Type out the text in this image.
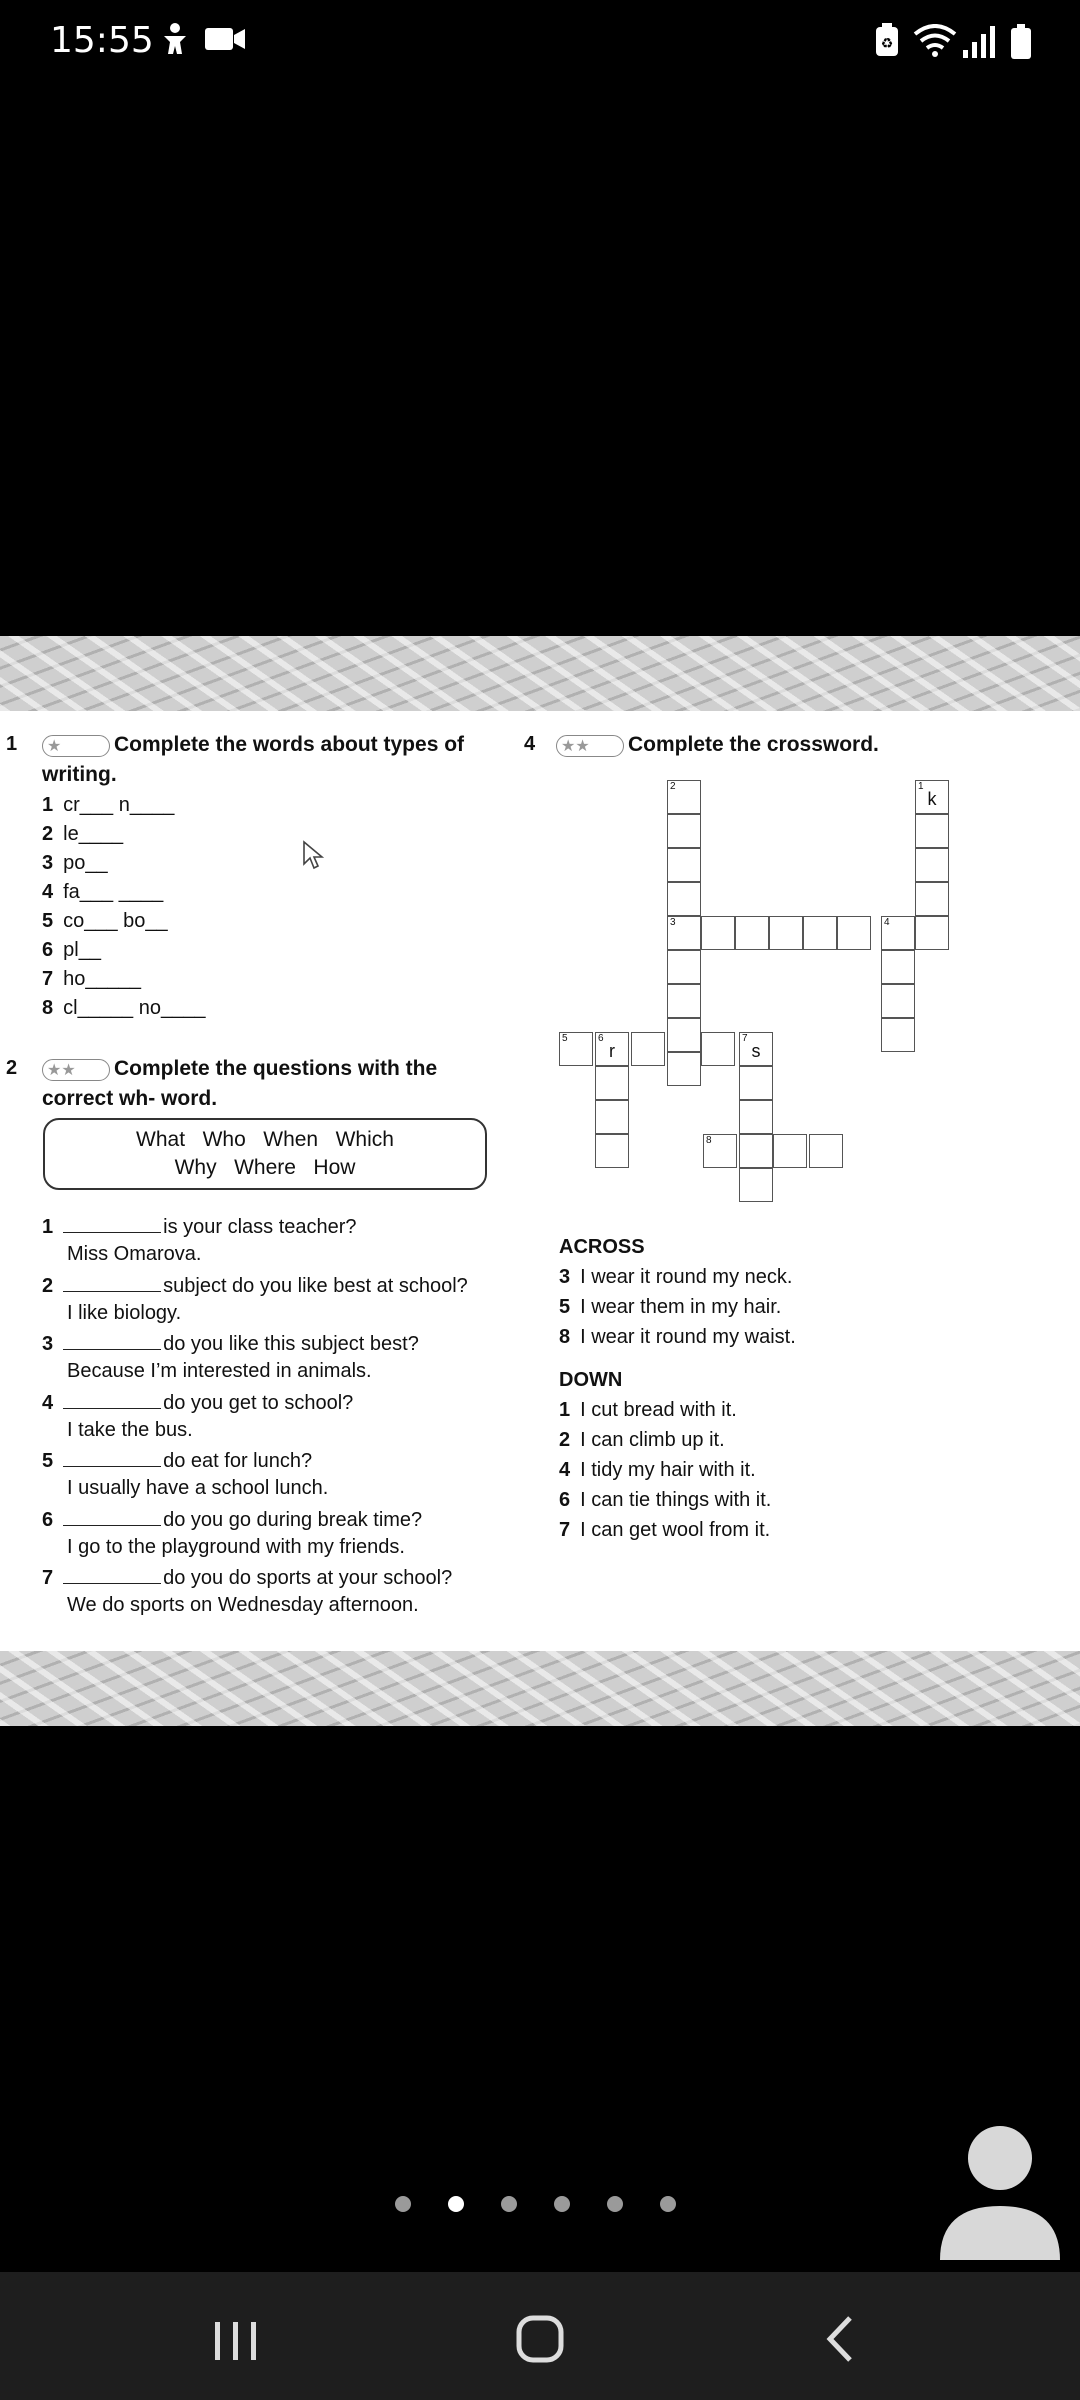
15:55	♻
1	★	Complete the words about types of
writing.
1 cr___ n____
2 le____
3 po__
4 fa___ ____
5 co___ bo__
6 pl__
7 ho_____
8 cl_____ no____
2	★★ Complete the questions with the
correct wh- word.
What   Who   When   Which
Why   Where   How
1	is your class teacher?
Miss Omarova.
2	subject do you like best at school?
I like biology.
3	do you like this subject best?
Because I’m interested in animals.
4	do you get to school?
I take the bus.
5	do eat for lunch?
I usually have a school lunch.
6	do you go during break time?
I go to the playground with my friends.
7	do you do sports at your school?
We do sports on Wednesday afternoon.
4	★★ Complete the crossword.
2
3	4
1
k
5	6
r
7
s
8
ACROSS
3 I wear it round my neck.
5 I wear them in my hair.
8 I wear it round my waist.
DOWN
1 I cut bread with it.
2 I can climb up it.
4 I tidy my hair with it.
6 I can tie things with it.
7 I can get wool from it.
